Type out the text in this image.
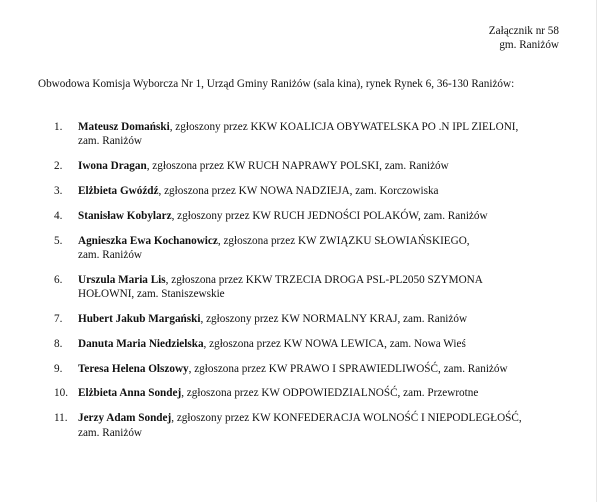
Załącznik nr 58
gm. Raniżów
Obwodowa Komisja Wyborcza Nr 1, Urząd Gminy Raniżów (sala kina), rynek Rynek 6, 36-130 Raniżów:
1. Mateusz Domański, zgłoszony przez KKW KOALICJA OBYWATELSKA PO .N IPL ZIELONI,
zam. Raniżów
2. Iwona Dragan, zgłoszona przez KW RUCH NAPRAWY POLSKI, zam. Raniżów
3. Elżbieta Gwóźdź, zgłoszona przez KW NOWA NADZIEJA, zam. Korczowiska
4. Stanisław Kobylarz, zgłoszony przez KW RUCH JEDNOŚCI POLAKÓW, zam. Raniżów
5. Agnieszka Ewa Kochanowicz, zgłoszona przez KW ZWIĄZKU SŁOWIAŃSKIEGO,
zam. Raniżów
6. Urszula Maria Lis, zgłoszona przez KKW TRZECIA DROGA PSL-PL2050 SZYMONA
HOŁOWNI, zam. Staniszewskie
7. Hubert Jakub Margański, zgłoszony przez KW NORMALNY KRAJ, zam. Raniżów
8. Danuta Maria Niedzielska, zgłoszona przez KW NOWA LEWICA, zam. Nowa Wieś
9. Teresa Helena Olszowy, zgłoszona przez KW PRAWO I SPRAWIEDLIWOŚĆ, zam. Raniżów
10. Elżbieta Anna Sondej, zgłoszona przez KW ODPOWIEDZIALNOŚĆ, zam. Przewrotne
11. Jerzy Adam Sondej, zgłoszony przez KW KONFEDERACJA WOLNOŚĆ I NIEPODLEGŁOŚĆ,
zam. Raniżów
